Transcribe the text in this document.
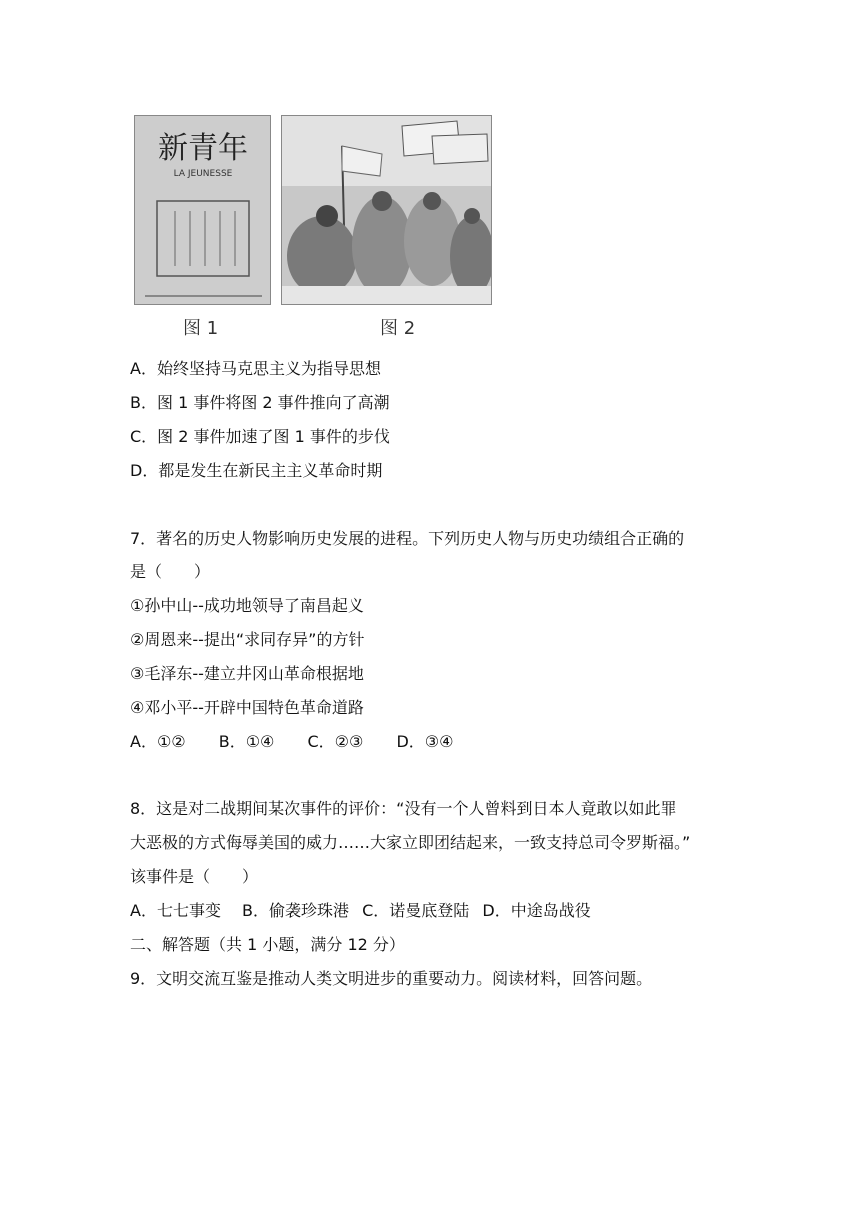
新青年
LA JEUNESSE
图 1	图 2
A．始终坚持马克思主义为指导思想
B．图 1 事件将图 2 事件推向了高潮
C．图 2 事件加速了图 1 事件的步伐
D．都是发生在新民主主义革命时期
7．著名的历史人物影响历史发展的进程。下列历史人物与历史功绩组合正确的
是（　　）
①孙中山--成功地领导了南昌起义
②周恩来--提出“求同存异”的方针
③毛泽东--建立井冈山革命根据地
④邓小平--开辟中国特色革命道路
A．①② B．①④ C．②③ D．③④
8．这是对二战期间某次事件的评价：“没有一个人曾料到日本人竟敢以如此罪
大恶极的方式侮辱美国的威力……大家立即团结起来，一致支持总司令罗斯福。”
该事件是（　　）
A．七七事变 B．偷袭珍珠港 C．诺曼底登陆 D．中途岛战役
二、解答题（共 1 小题，满分 12 分）
9．文明交流互鉴是推动人类文明进步的重要动力。阅读材料，回答问题。
